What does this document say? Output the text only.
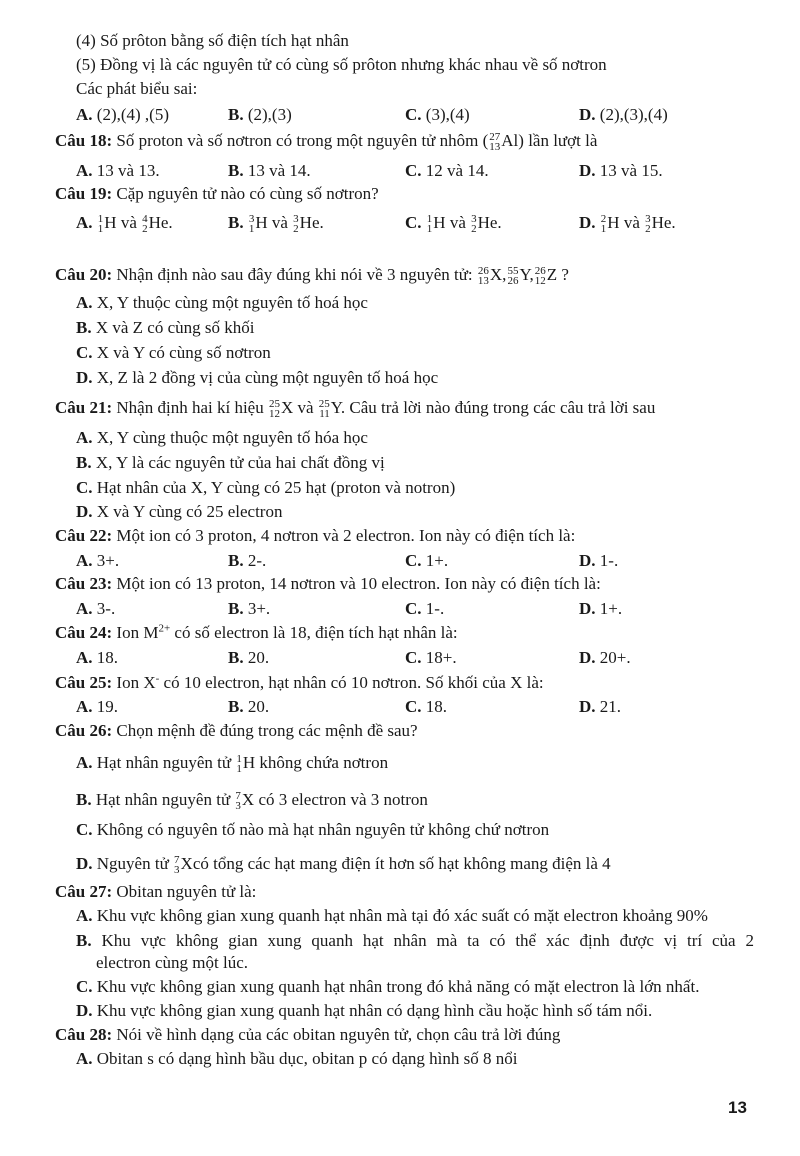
(4) Số prôton bằng số điện tích hạt nhân
(5) Đồng vị là các nguyên tử có cùng số prôton nhưng khác nhau về số nơtron
Các phát biểu sai:
A. (2),(4) ,(5)	B. (2),(3)	C. (3),(4)	D. (2),(3),(4)
Câu 18: Số proton và số nơtron có trong một nguyên tử nhôm ( 27
13 Al) lần lượt là
A. 13 và 13.	B. 13 và 14.	C. 12 và 14.	D. 13 và 15.
Câu 19: Cặp nguyên tử nào có cùng số nơtron?
A. 1
1 H và 4
2 He.	B. 3
1 H và 3
2 He.	C. 1
1 H và 3
2 He.	D. 2
1 H và 3
2 He.
Câu 20: Nhận định nào sau đây đúng khi nói về 3 nguyên tử: 26
13 X, 55
26 Y, 26
12 Z ?
A. X, Y thuộc cùng một nguyên tố hoá học
B. X và Z có cùng số khối
C. X và Y có cùng số nơtron
D. X, Z là 2 đồng vị của cùng một nguyên tố hoá học
Câu 21: Nhận định hai kí hiệu 25
12 X và 25
11 Y. Câu trả lời nào đúng trong các câu trả lời sau
A. X, Y cùng thuộc một nguyên tố hóa học
B. X, Y là các nguyên tử của hai chất đồng vị
C. Hạt nhân của X, Y cùng có 25 hạt (proton và notron)
D. X và Y cùng có 25 electron
Câu 22: Một ion có 3 proton, 4 nơtron và 2 electron. Ion này có điện tích là:
A. 3+.	B. 2-.	C. 1+.	D. 1-.
Câu 23: Một ion có 13 proton, 14 nơtron và 10 electron. Ion này có điện tích là:
A. 3-.	B. 3+.	C. 1-.	D. 1+.
Câu 24: Ion $M^{2+}$ có số electron là 18, điện tích hạt nhân là:
A. 18.	B. 20.	C. 18+.	D. 20+.
Câu 25: Ion X- có 10 electron, hạt nhân có 10 nơtron. Số khối của X là:
A. 19.	B. 20.	C. 18.	D. 21.
Câu 26: Chọn mệnh đề đúng trong các mệnh đề sau?
A. Hạt nhân nguyên tử 1
1 H không chứa nơtron
B. Hạt nhân nguyên tử 7
3 X có 3 electron và 3 notron
C. Không có nguyên tố nào mà hạt nhân nguyên tử không chứ nơtron
D. Nguyên tử 7
3 Xcó tổng các hạt mang điện ít hơn số hạt không mang điện là 4
Câu 27: Obitan nguyên tử là:
A. Khu vực không gian xung quanh hạt nhân mà tại đó xác suất có mặt electron khoảng 90%
B. Khu vực không gian xung quanh hạt nhân mà ta có thể xác định được vị trí của 2
electron cùng một lúc.
C. Khu vực không gian xung quanh hạt nhân trong đó khả năng có mặt electron là lớn nhất.
D. Khu vực không gian xung quanh hạt nhân có dạng hình cầu hoặc hình số tám nổi.
Câu 28: Nói về hình dạng của các obitan nguyên tử, chọn câu trả lời đúng
A. Obitan s có dạng hình bầu dục, obitan p có dạng hình số 8 nổi
13
